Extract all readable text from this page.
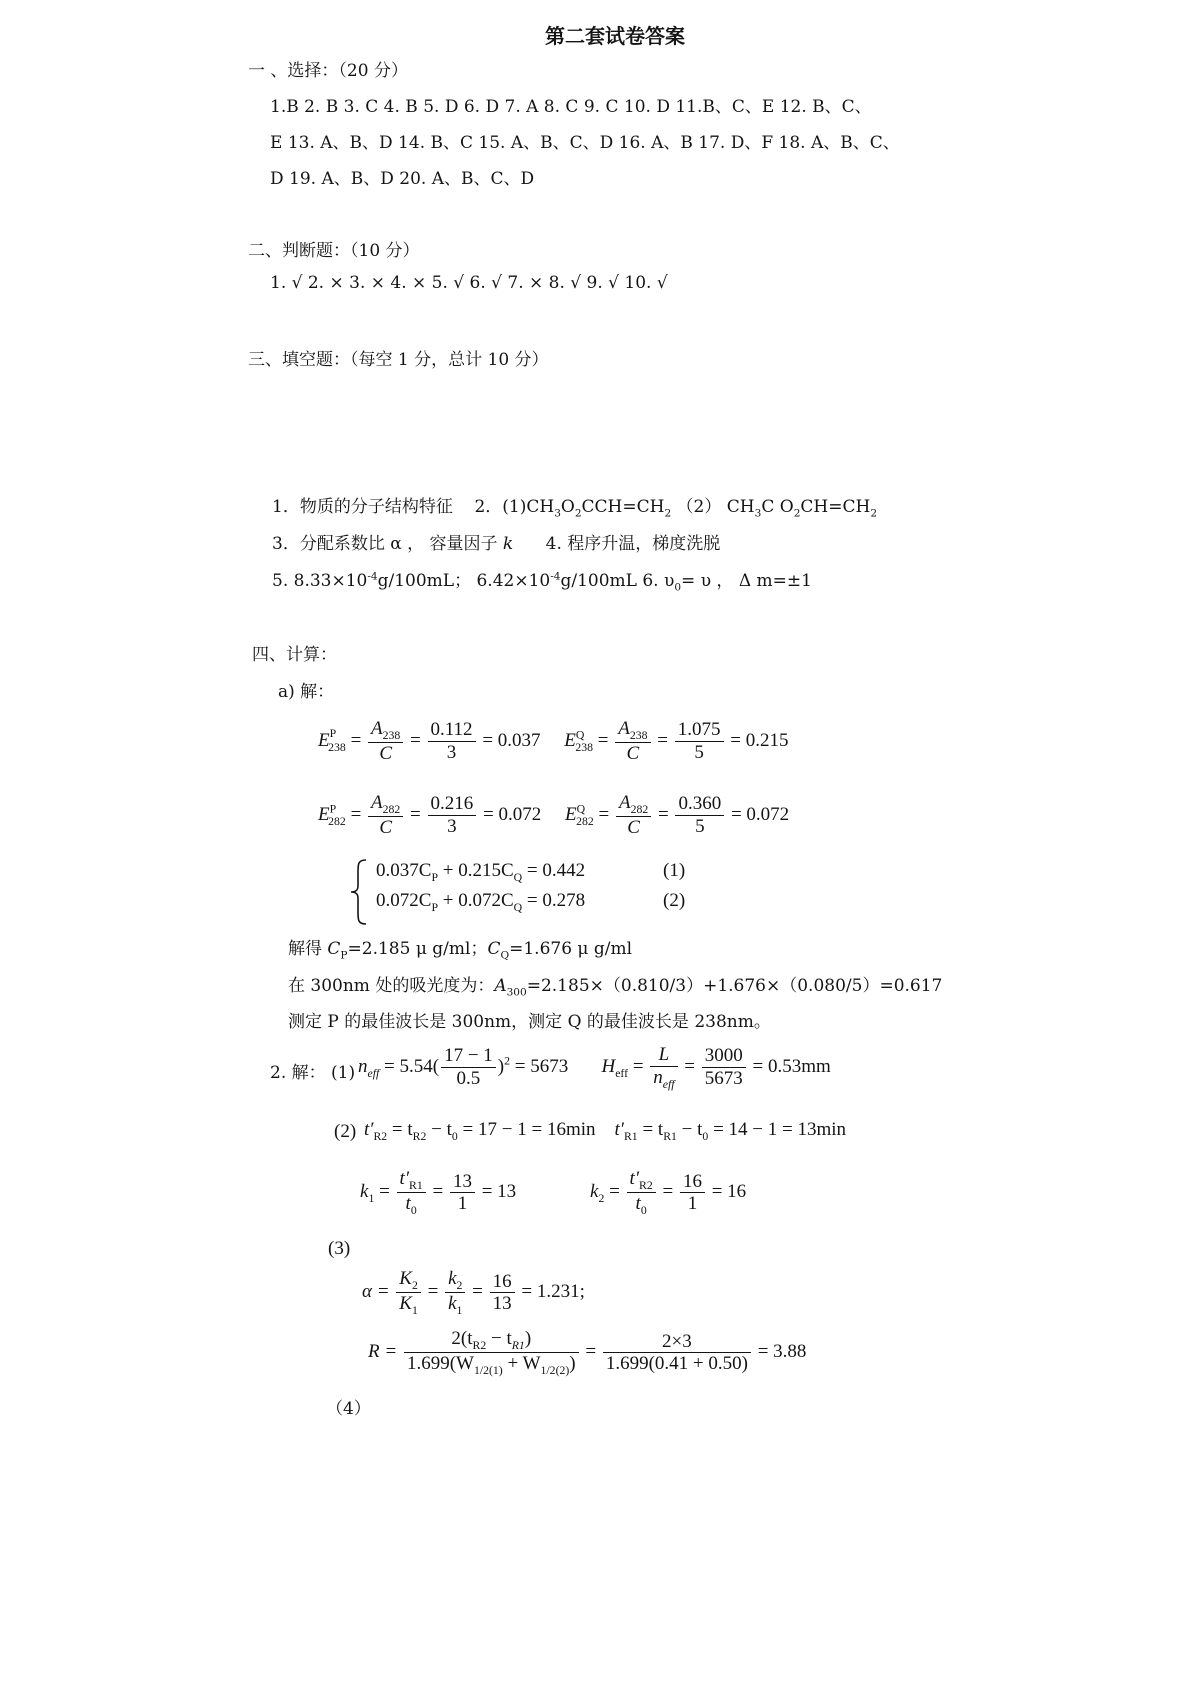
第二套试卷答案
一 、选择：（20 分）
1.B 2. B 3. C 4. B 5. D 6. D 7. A 8. C 9. C 10. D 11.B、C、E 12. B、C、
E 13. A、B、D 14. B、C 15. A、B、C、D 16. A、B 17. D、F 18. A、B、C、
D 19. A、B、D 20. A、B、C、D
二、判断题：（10 分）
1. √ 2. × 3. × 4. × 5. √ 6. √ 7. × 8. √ 9. √ 10. √
三、填空题：（每空 1 分，总计 10 分）
1．物质的分子结构特征 2．$(1)CH_3O_2CCH=CH_2$ （2） $CH_3C$ $O_2CH=CH_2$
3．分配系数比 α ， 容量因子 k 4. 程序升温，梯度洗脱
5. $8.33\times 10^{-4}g/100mL$； $6.42\times 10^{-4}g/100mL$ 6. $\upsilon_0= \upsilon$ ， Δ m=±1
四、计算：
a) 解：
$E^P_{238} = \frac{A_{238}}{C} = \frac{0.112}{3} = 0.037$ $E^Q_{238} = \frac{A_{238}}{C} = \frac{1.075}{5} = 0.215$
$E^P_{282} = \frac{A_{282}}{C} = \frac{0.216}{3} = 0.072$ $E^Q_{282} = \frac{A_{282}}{C} = \frac{0.360}{5} = 0.072$
$0.037C_P + 0.215C_Q = 0.442$	(1)
$0.072C_P + 0.072C_Q = 0.278$	(2)
解得 $C_P=2.185$ μ g/ml；$C_Q=1.676$ μ g/ml
在 300nm 处的吸光度为：$A_{300}=2.185\times(0.810/3)+1.676\times(0.080/5)=0.617$
测定 P 的最佳波长是 300nm，测定 Q 的最佳波长是 238nm。
2. 解： (1) $n_{eff} = 5.54( \frac{17 - 1}{0.5} )^2 = 5673$ $H_{eff} = \frac{L}{n_{eff}} = \frac{3000}{5673} = 0.53mm$
(2) $t'_{R2} = t_{R2} - t_0 = 17 - 1 = 16\min$ $t'_{R1} = t_{R1} - t_0 = 14 - 1 = 13\min$
$k_1 = \frac{t'_{R1}}{t_0} = \frac{13}{1} = 13$	$k_2 = \frac{t'_{R2}}{t_0} = \frac{16}{1} = 16$
(3)
$\alpha = \frac{K_2}{K_1} = \frac{k_2}{k_1} = \frac{16}{13} = 1.231$;
$R = \frac{2(t_{R2} - t_{R1})}{1.699(W_{1/2(1)} + W_{1/2(2)})} = \frac{2\times 3}{1.699(0.41 + 0.50)} = 3.88$
（4）
